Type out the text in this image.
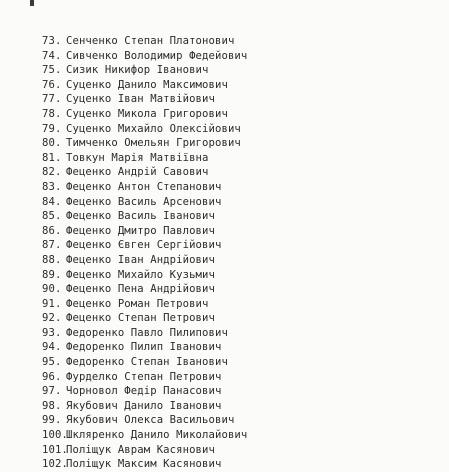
73. Сенченко Степан Платонович
74. Сивченко Володимир Федейович
75. Сизик Никифор Іванович
76. Суценко Данило Максимович
77. Суценко Іван Матвійович
78. Суценко Микола Григорович
79. Суценко Михайло Олексійович
80. Тимченко Омельян Григорович
81. Товкун Марія Матвіївна
82. Феценко Андрій Савович
83. Феценко Антон Степанович
84. Феценко Василь Арсенович
85. Феценко Василь Іванович
86. Феценко Дмитро Павлович
87. Феценко Євген Сергійович
88. Феценко Іван Андрійович
89. Феценко Михайло Кузьмич
90. Феценко Пена Андрійович
91. Феценко Роман Петрович
92. Феценко Степан Петрович
93. Федоренко Павло Пилипович
94. Федоренко Пилип Іванович
95. Федоренко Степан Іванович
96. Фурделко Степан Петрович
97. Чорновол Федір Панасович
98. Якубович Данило Іванович
99. Якубович Олекса Васильович
100.Шкляренко Данило Миколайович
101.Поліщук Аврам Касянович
102.Поліщук Максим Касянович
